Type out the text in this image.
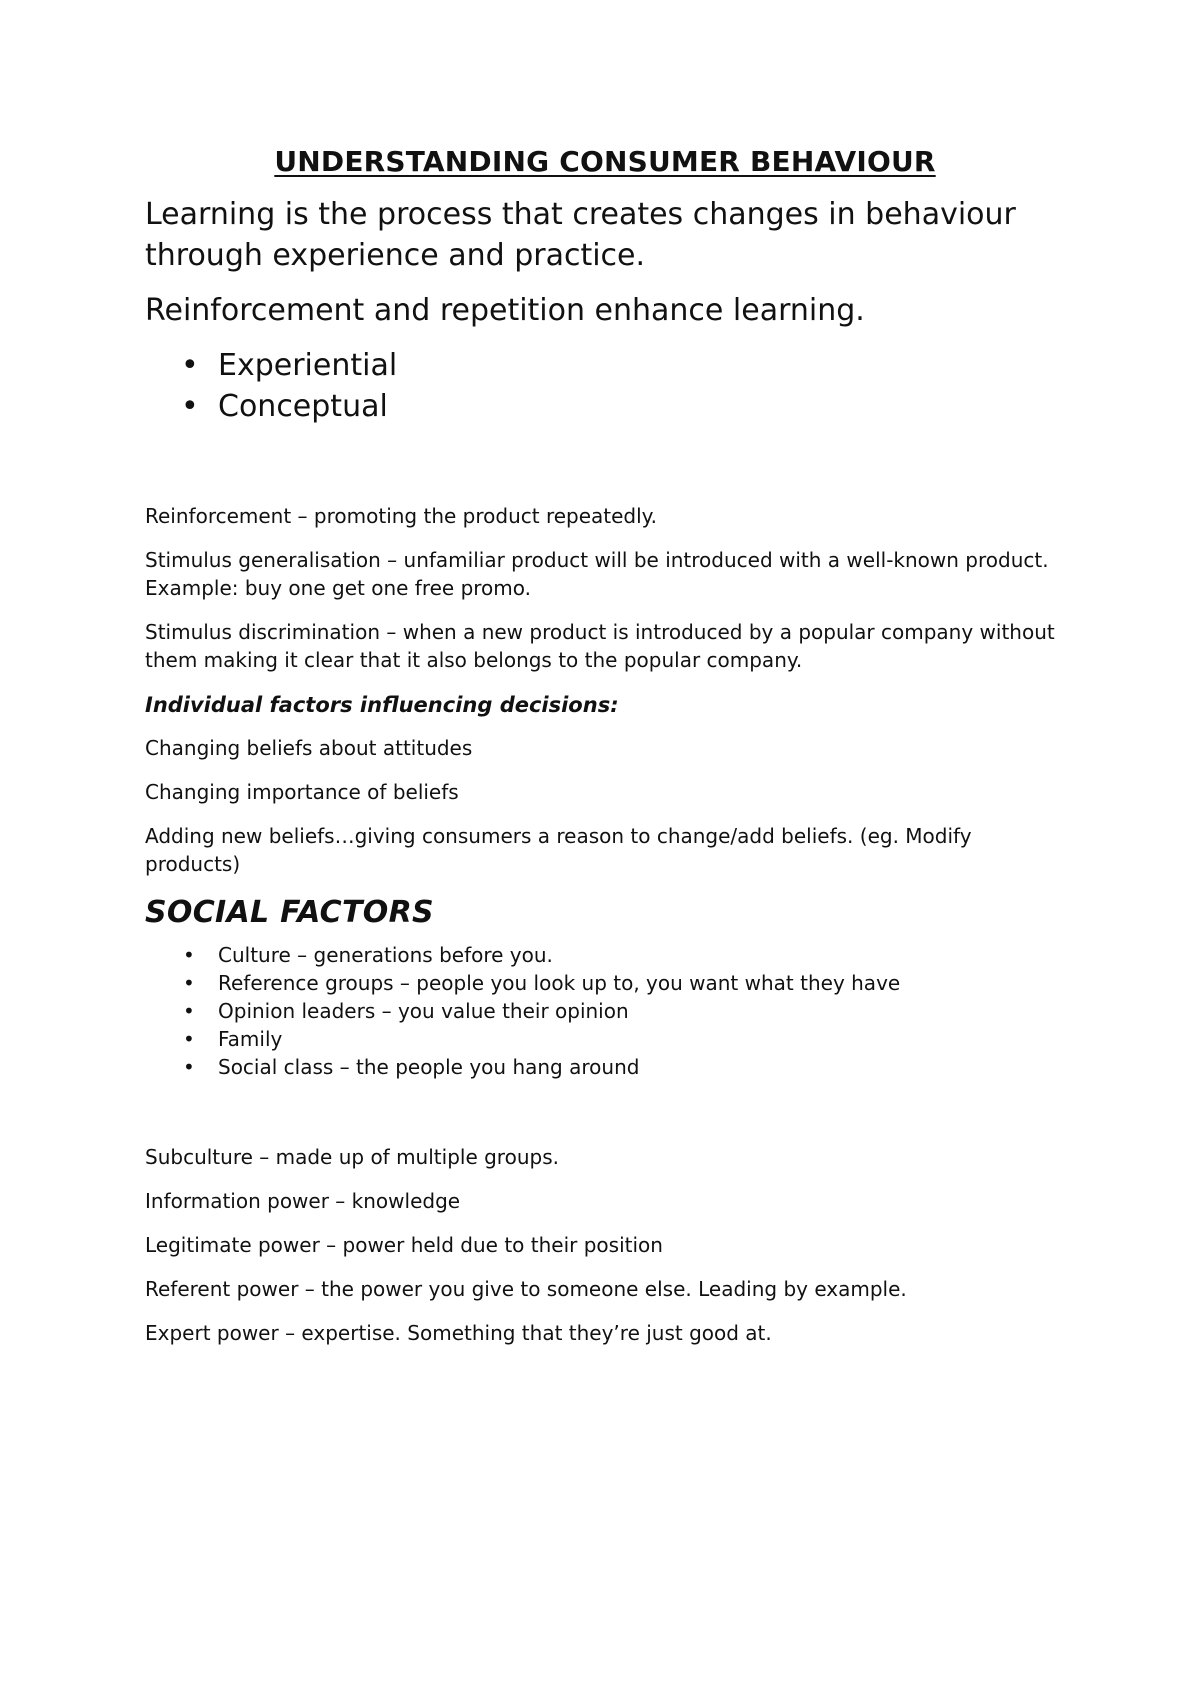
UNDERSTANDING CONSUMER BEHAVIOUR

Learning is the process that creates changes in behaviour through experience and practice.

Reinforcement and repetition enhance learning.

• Experiential
• Conceptual

Reinforcement – promoting the product repeatedly.

Stimulus generalisation – unfamiliar product will be introduced with a well-known product. Example: buy one get one free promo.

Stimulus discrimination – when a new product is introduced by a popular company without them making it clear that it also belongs to the popular company.

Individual factors influencing decisions:

Changing beliefs about attitudes

Changing importance of beliefs

Adding new beliefs…giving consumers a reason to change/add beliefs. (eg. Modify products)

SOCIAL FACTORS
• Culture – generations before you.
• Reference groups – people you look up to, you want what they have
• Opinion leaders – you value their opinion
• Family
• Social class – the people you hang around

Subculture – made up of multiple groups.

Information power – knowledge

Legitimate power – power held due to their position

Referent power – the power you give to someone else. Leading by example.

Expert power – expertise. Something that they’re just good at.
